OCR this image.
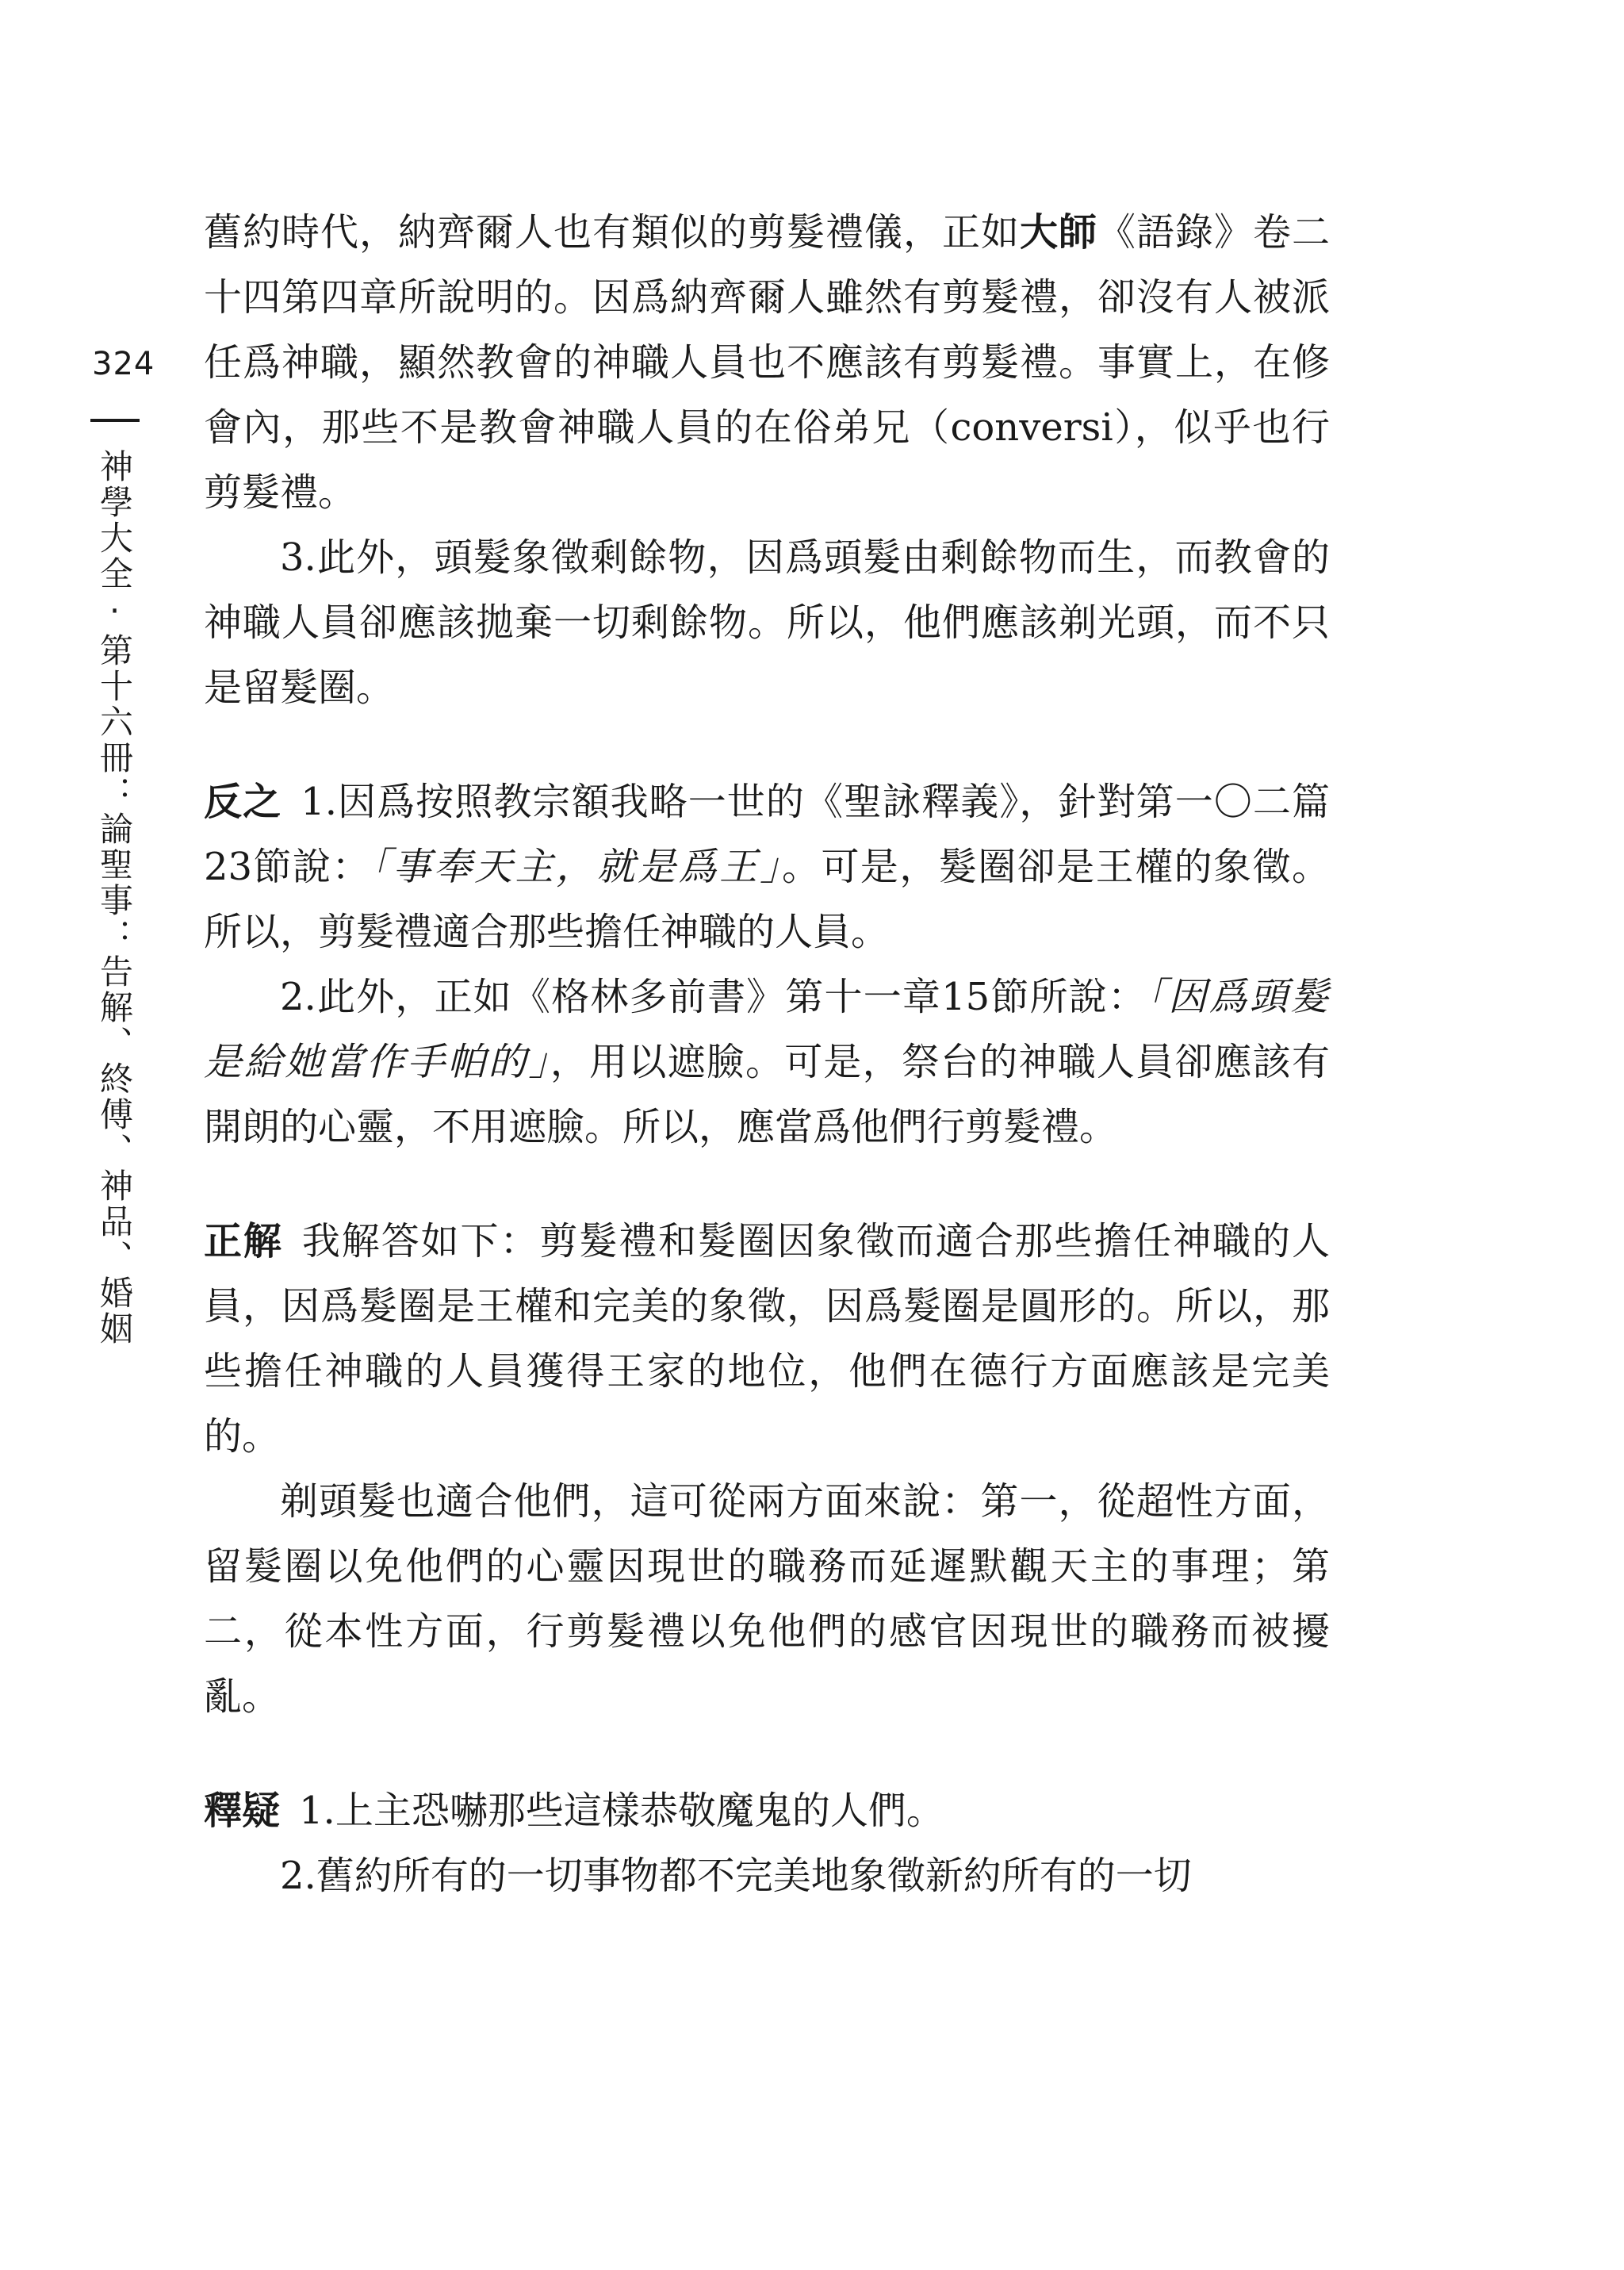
324
神學大全‧第十六冊：論聖事：告解、終傅、神品、婚姻

舊約時代，納齊爾人也有類似的剪髮禮儀，正如大師《語錄》卷二十四第四章所說明的。因爲納齊爾人雖然有剪髮禮，卻沒有人被派任爲神職，顯然教會的神職人員也不應該有剪髮禮。事實上，在修會內，那些不是教會神職人員的在俗弟兄（conversi），似乎也行剪髮禮。

3.此外，頭髮象徵剩餘物，因爲頭髮由剩餘物而生，而教會的神職人員卻應該拋棄一切剩餘物。所以，他們應該剃光頭，而不只是留髮圈。

反之 1.因爲按照教宗額我略一世的《聖詠釋義》，針對第一〇二篇23節說：「事奉天主，就是爲王」。可是，髮圈卻是王權的象徵。所以，剪髮禮適合那些擔任神職的人員。

2.此外，正如《格林多前書》第十一章15節所說：「因爲頭髮是給她當作手帕的」，用以遮臉。可是，祭台的神職人員卻應該有開朗的心靈，不用遮臉。所以，應當爲他們行剪髮禮。

正解 我解答如下：剪髮禮和髮圈因象徵而適合那些擔任神職的人員，因爲髮圈是王權和完美的象徵，因爲髮圈是圓形的。所以，那些擔任神職的人員獲得王家的地位，他們在德行方面應該是完美的。

剃頭髮也適合他們，這可從兩方面來說：第一，從超性方面，留髮圈以免他們的心靈因現世的職務而延遲默觀天主的事理；第二，從本性方面，行剪髮禮以免他們的感官因現世的職務而被擾亂。

釋疑 1.上主恐嚇那些這樣恭敬魔鬼的人們。

2.舊約所有的一切事物都不完美地象徵新約所有的一切
